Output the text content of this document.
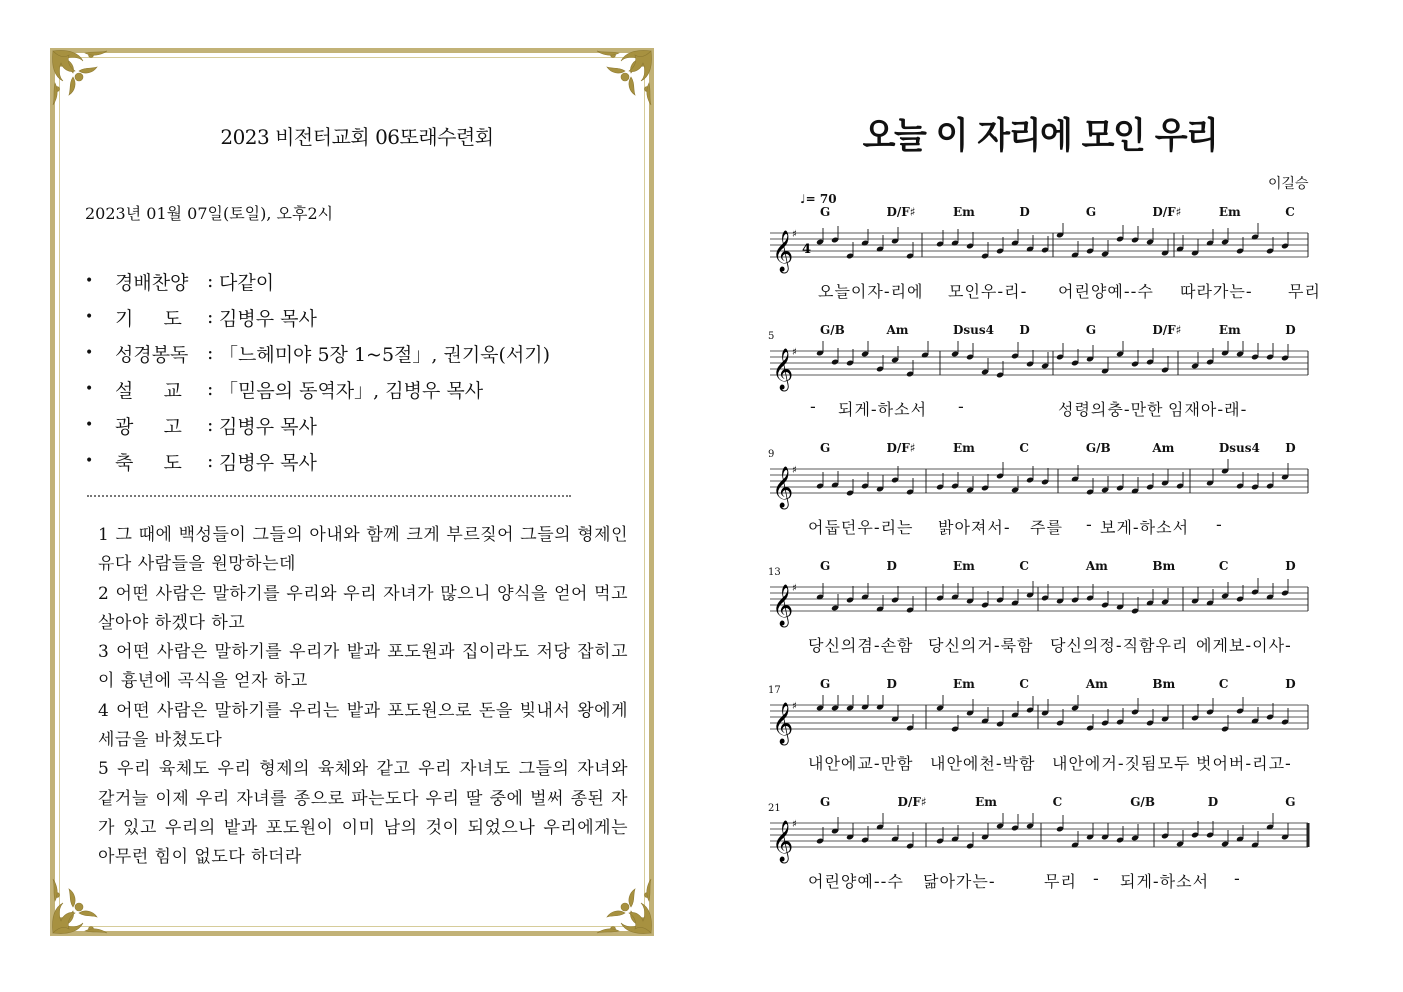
2023 비전터교회 06또래수련회
2023년 01월 07일(토일), 오후2시
•	경배찬양 : 다같이
•	기     도	: 김병우 목사
•	성경봉독 : 「느헤미야 5장 1~5절」, 권기욱(서기)
•	설     교	: 「믿음의 동역자」, 김병우 목사
•	광     고	: 김병우 목사
•	축     도	: 김병우 목사

1 그 때에 백성들이 그들의 아내와 함께 크게 부르짖어 그들의 형제인 유다 사람들을 원망하는데

2 어떤 사람은 말하기를 우리와 우리 자녀가 많으니 양식을 얻어 먹고 살아야 하겠다 하고

3 어떤 사람은 말하기를 우리가 밭과 포도원과 집이라도 저당 잡히고 이 흉년에 곡식을 얻자 하고

4 어떤 사람은 말하기를 우리는 밭과 포도원으로 돈을 빚내서 왕에게 세금을 바쳤도다

5 우리 육체도 우리 형제의 육체와 같고 우리 자녀도 그들의 자녀와 같거늘 이제 우리 자녀를 종으로 파는도다 우리 딸 중에 벌써 종된 자가 있고 우리의 밭과 포도원이 이미 남의 것이 되었으나 우리에게는 아무런 힘이 없도다 하더라

오늘 이 자리에 모인 우리
이길승
♩= 70
G	D/F♯	Em	D	G	D/F♯	Em	C
𝄞
♯
4
오늘이자-리에 모인우-리- 어린양예--수 따라가는- 무리
5	G/B	Am	Dsus4 D	G	D/F♯	Em	D
𝄞
♯
- 되게-하소서 -	성령의충-만한 임재아-래-
9	G	D/F♯	Em	C	G/B	Am	Dsus4 D
𝄞
♯
어둡던우-리는 밝아져서- 주를 - 보게-하소서 -
13	G	D	Em	C	Am	Bm	C	D
𝄞
♯
당신의겸-손함 당신의거-룩함 당신의정-직함우리 에게보-이사-
17	G	D	Em	C	Am	Bm	C	D
𝄞
♯
내안에교-만함 내안에천-박함 내안에거-짓됨모두 벗어버-리고-
21	G	D/F♯	Em	C	G/B	D	G
𝄞
♯
어린양예--수 닮아가는-	무리 - 되게-하소서 -
